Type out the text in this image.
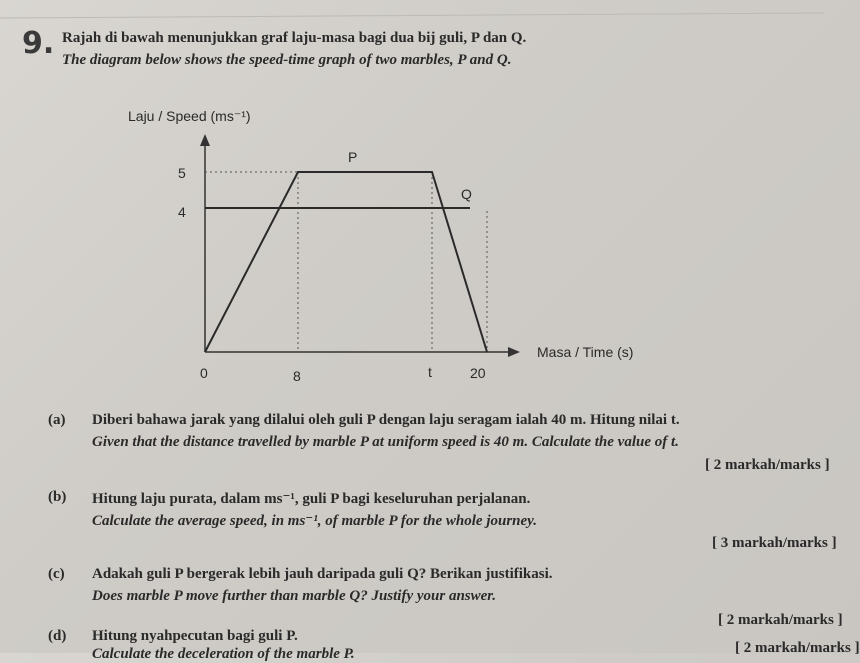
9. Rajah di bawah menunjukkan graf laju-masa bagi dua bij guli, P dan Q.
The diagram below shows the speed-time graph of two marbles, P and Q.
Laju / Speed (ms⁻¹)
5
4
0	8	t	20
P
Q
Masa / Time (s)
(a) Diberi bahawa jarak yang dilalui oleh guli P dengan laju seragam ialah 40 m. Hitung nilai t.
Given that the distance travelled by marble P at uniform speed is 40 m. Calculate the value of t.
[ 2 markah/marks ]
(b) Hitung laju purata, dalam ms⁻¹, guli P bagi keseluruhan perjalanan.
Calculate the average speed, in ms⁻¹, of marble P for the whole journey.
[ 3 markah/marks ]
(c) Adakah guli P bergerak lebih jauh daripada guli Q? Berikan justifikasi.
Does marble P move further than marble Q? Justify your answer.
[ 2 markah/marks ]
(d) Hitung nyahpecutan bagi guli P.
Calculate the deceleration of the marble P.	[ 2 markah/marks ]
